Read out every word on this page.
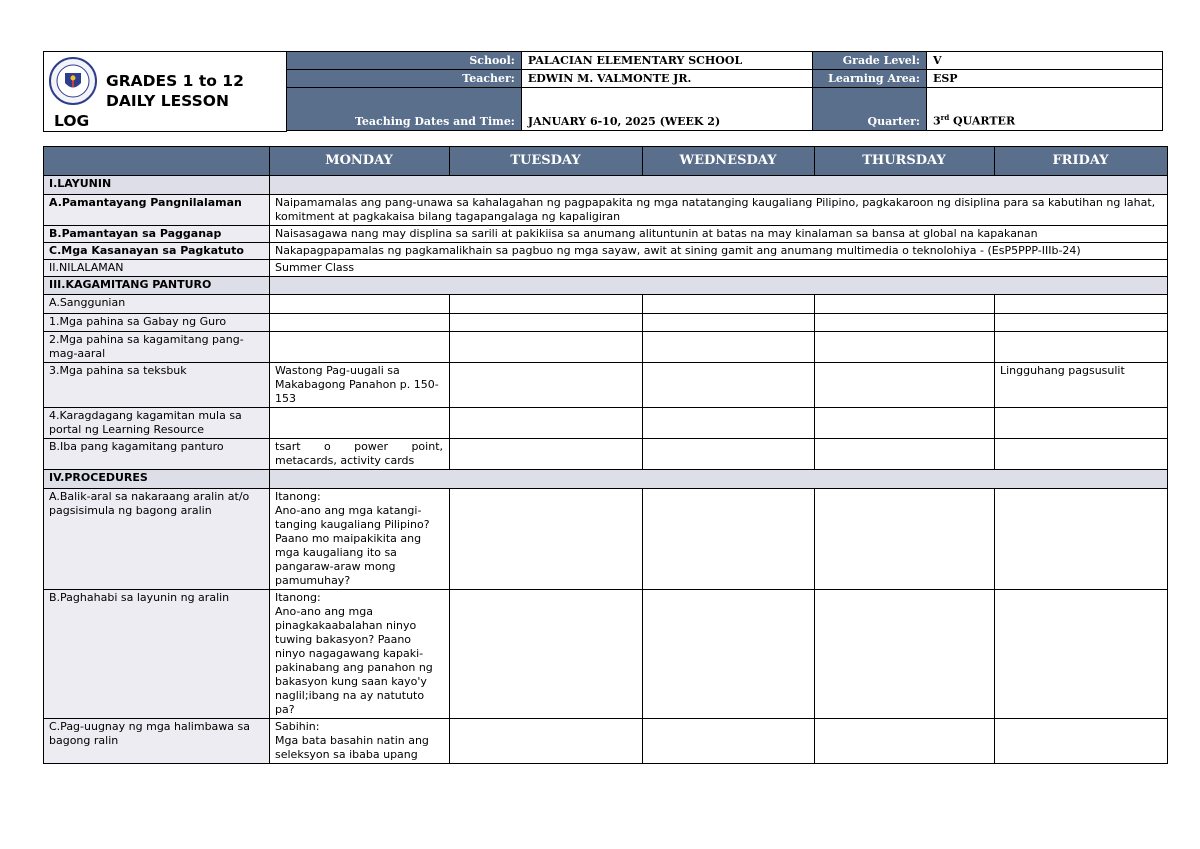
GRADES 1 to 12
DAILY LESSON
LOG
School:	PALACIAN ELEMENTARY SCHOOL	Grade Level:	V
Teacher:	EDWIN M. VALMONTE JR.	Learning Area:	ESP
Teaching Dates and Time:	JANUARY 6-10, 2025 (WEEK 2)	Quarter:	3rd QUARTER
	MONDAY	TUESDAY	WEDNESDAY	THURSDAY	FRIDAY
I.LAYUNIN					
A.Pamantayang Pangnilalaman	Naipamamalas ang pang-unawa sa kahalagahan ng pagpapakita ng mga natatanging kaugaliang Pilipino, pagkakaroon ng disiplina para sa kabutihan ng lahat, komitment at pagkakaisa bilang tagapangalaga ng kapaligiran				
B.Pamantayan sa Pagganap	Naisasagawa nang may displina sa sarili at pakikiisa sa anumang alituntunin at batas na may kinalaman sa bansa at global na kapakanan				
C.Mga Kasanayan sa Pagkatuto	Nakapagpapamalas ng pagkamalikhain sa pagbuo ng mga sayaw, awit at sining gamit ang anumang multimedia o teknolohiya - (EsP5PPP-IIIb-24)				
II.NILALAMAN	Summer Class				
III.KAGAMITANG PANTURO					
A.Sanggunian					
1.Mga pahina sa Gabay ng Guro					
2.Mga pahina sa kagamitang pang-mag-aaral					
3.Mga pahina sa teksbuk	Wastong Pag-uugali sa Makabagong Panahon p. 150-153				Lingguhang pagsusulit
4.Karagdagang kagamitan mula sa portal ng Learning Resource					
B.Iba pang kagamitang panturo	tsart o power point,
metacards, activity cards				

IV.PROCEDURES					
A.Balik-aral sa nakaraang aralin at/o pagsisimula ng bagong aralin	Itanong:
Ano-ano ang mga katangi-tanging kaugaliang Pilipino? Paano mo maipakikita ang mga kaugaliang ito sa pangaraw-araw mong pamumuhay?				
B.Paghahabi sa layunin ng aralin	Itanong:
Ano-ano ang mga pinagkakaabalahan ninyo tuwing bakasyon? Paano ninyo nagagawang kapaki-pakinabang ang panahon ng bakasyon kung saan kayo'y naglil;ibang na ay natututo pa?				
C.Pag-uugnay ng mga halimbawa sa bagong ralin	Sabihin:
Mga bata basahin natin ang seleksyon sa ibaba upang				
